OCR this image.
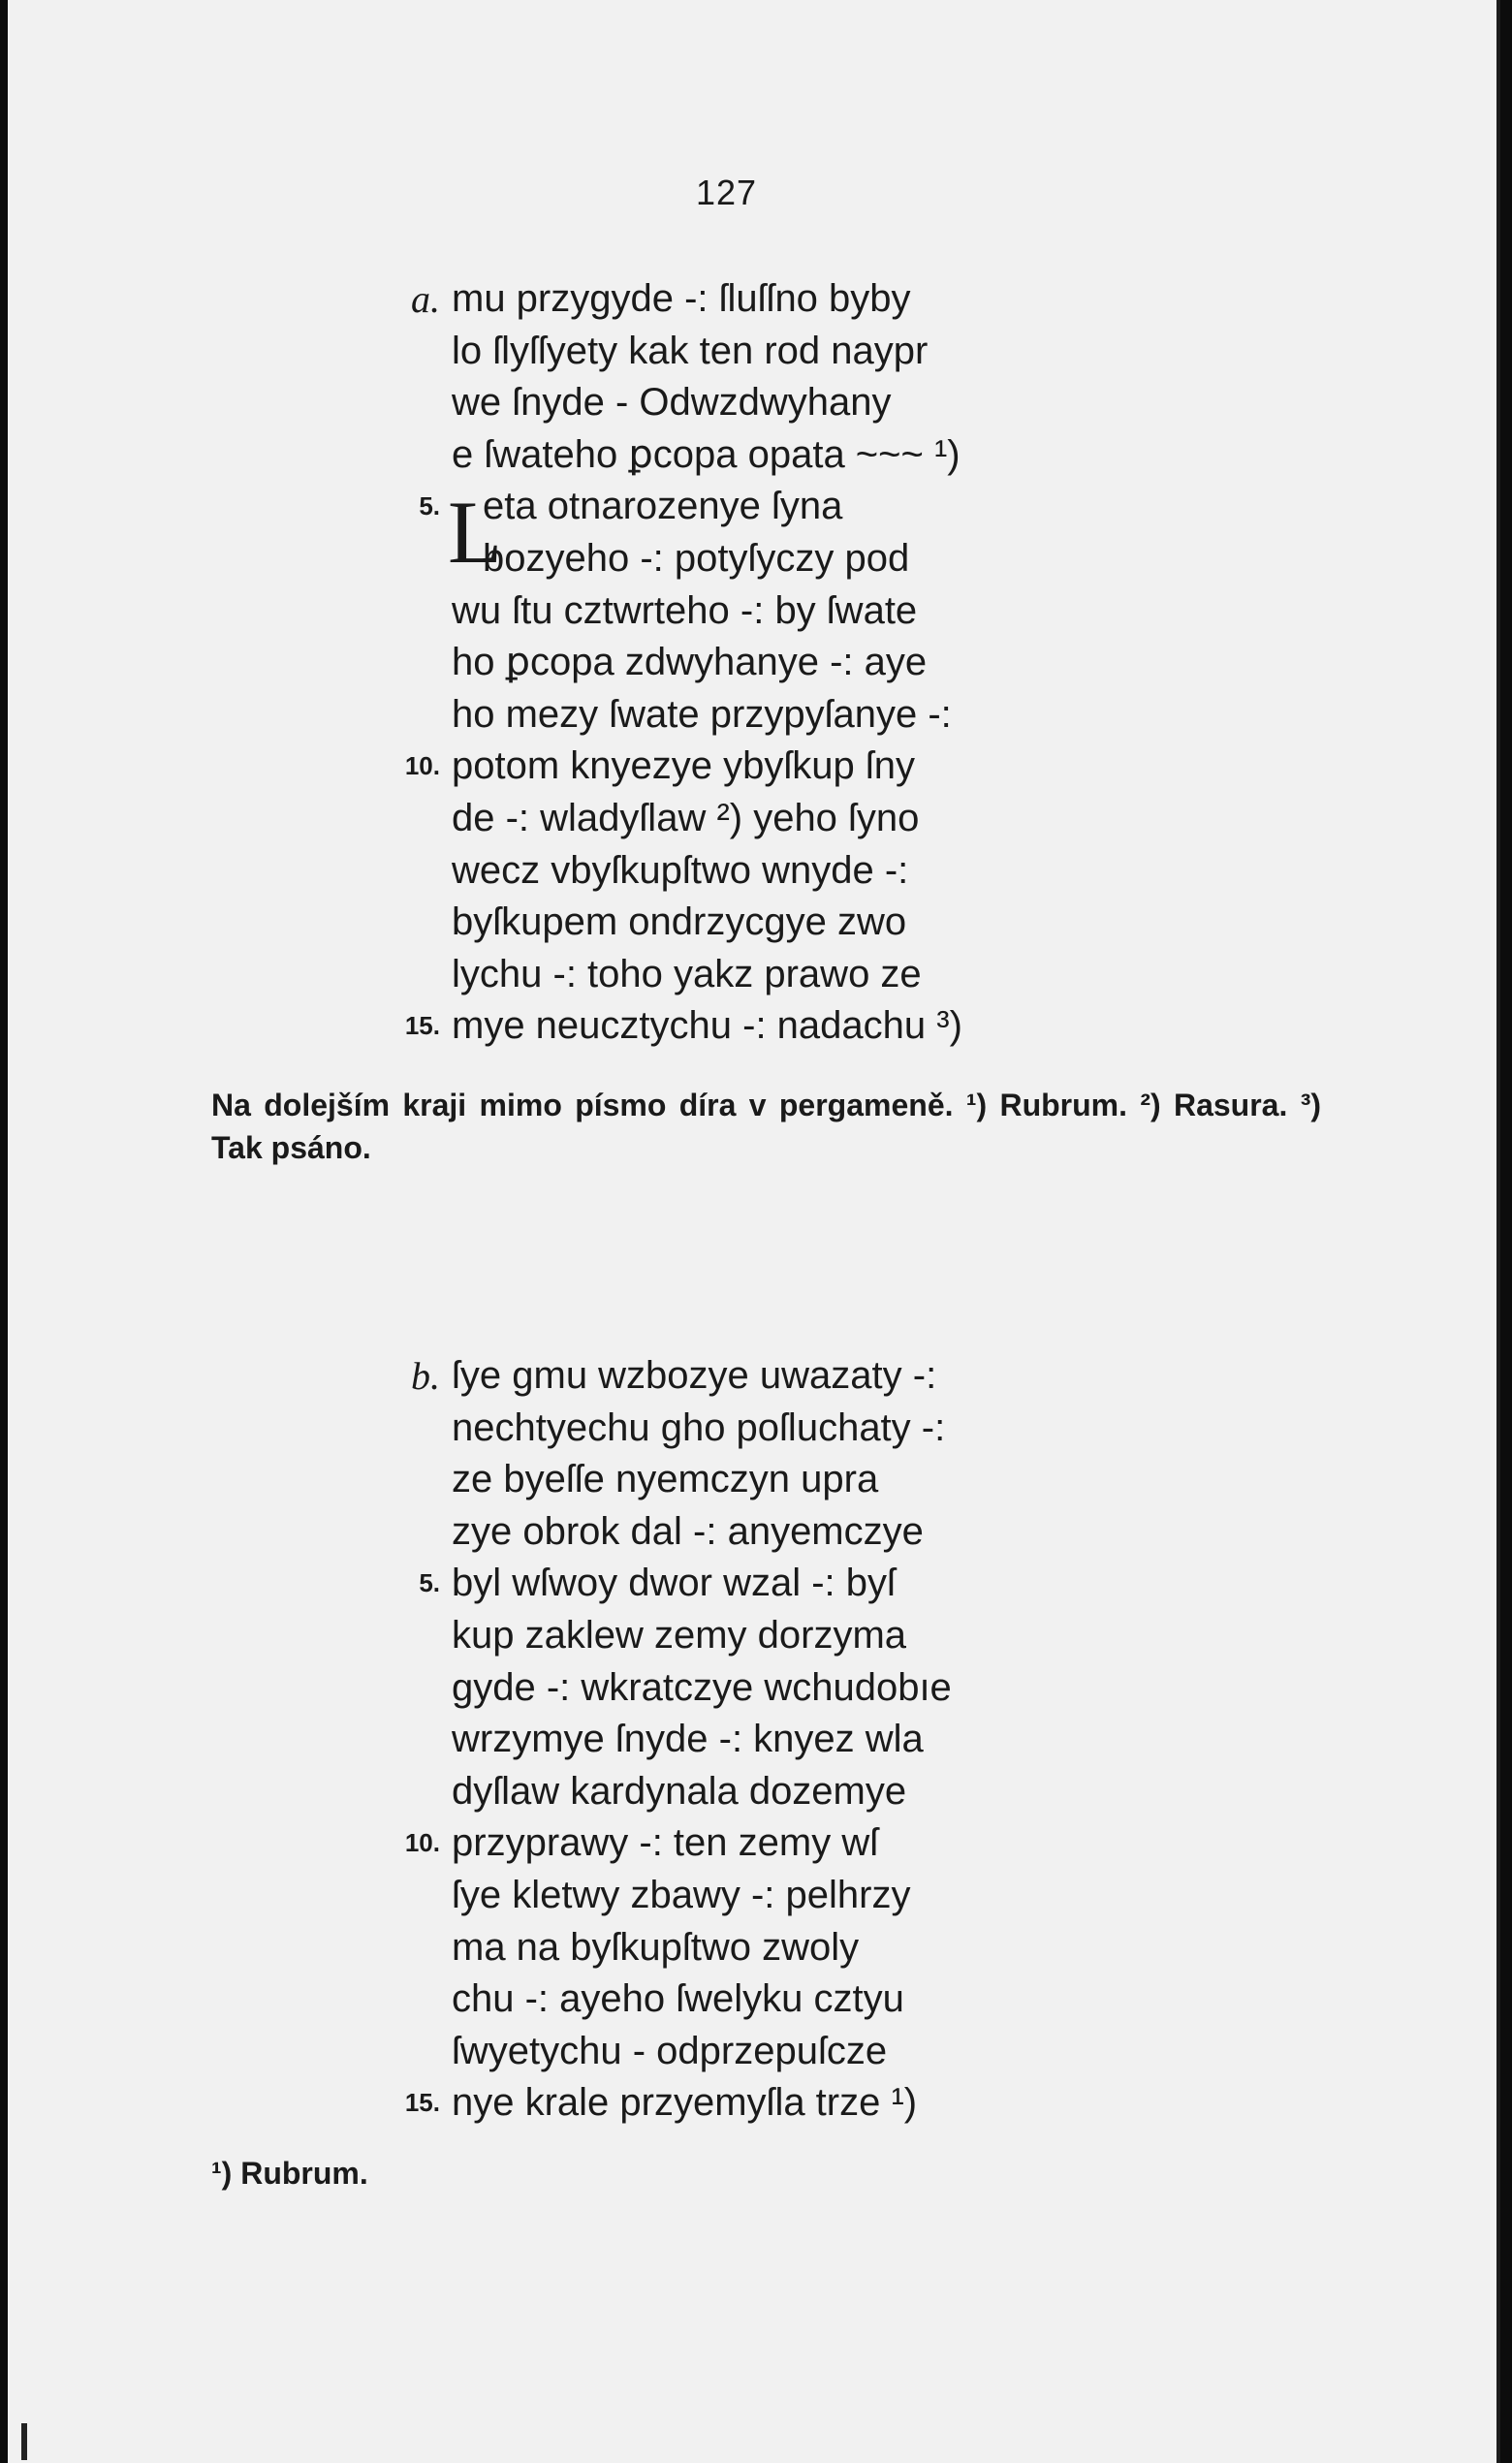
127
L
a. mu przygyde -: ſluſſno byby
lo ſlyſſyety kak ten rod naypr
we ſnyde - Odwzdwyhany
e ſwateho ꝑcopa opata ~~~ ¹)
5. eta otnarozenye ſyna
bozyeho -: potyſyczy pod
wu ſtu cztwrteho -: by ſwate
ho ꝑcopa zdwyhanye -: aye
ho mezy ſwate przypyſanye -:
10. potom knyezye ybyſkup ſny
de -: wladyſlaw ²) yeho ſyno
wecz vbyſkupſtwo wnyde -:
byſkupem ondrzycgye zwo
lychu -: toho yakz prawo ze
15. mye neucztychu -: nadachu ³)
Na dolejším kraji mimo písmo díra v pergameně. ¹) Rubrum. ²) Rasura. ³) Tak psáno.
b. ſye gmu wzbozye uwazaty -:
nechtyechu gho poſluchaty -:
ze byeſſe nyemczyn upra
zye obrok dal -: anyemczye
5. byl wſwoy dwor wzal -: byſ
kup zaklew zemy dorzyma
gyde -: wkratczye wchudobıe
wrzymye ſnyde -: knyez wla
dyſlaw kardynala dozemye
10. przyprawy -: ten zemy wſ
ſye kletwy zbawy -: pelhrzy
ma na byſkupſtwo zwoly
chu -: ayeho ſwelyku cztyu
ſwyetychu - odprzepuſcze
15. nye krale przyemyſla trze ¹)
¹) Rubrum.
